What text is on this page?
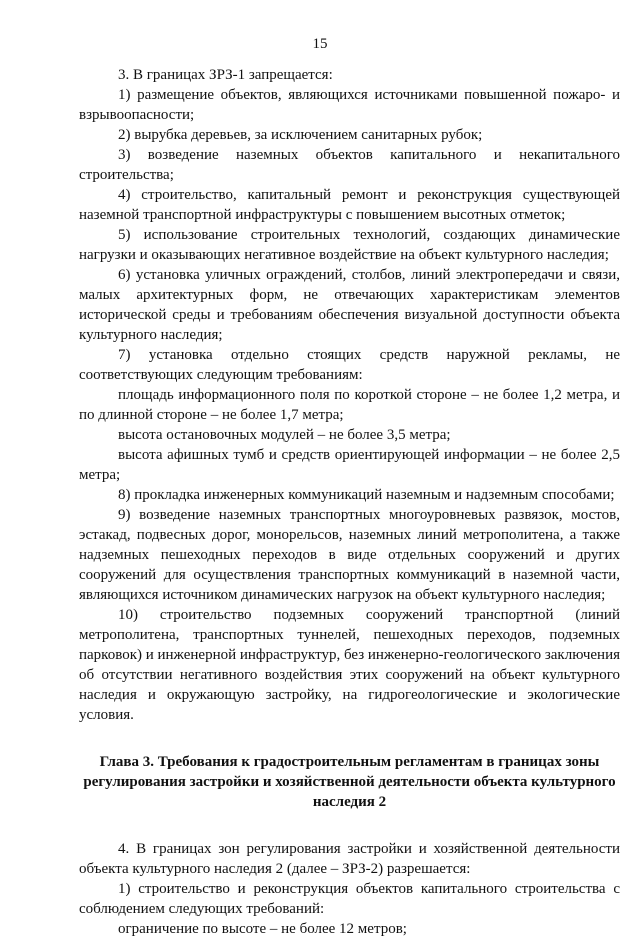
15

3. В границах ЗРЗ-1 запрещается:

1) размещение объектов, являющихся источниками повышенной пожаро- и взрывоопасности;

2) вырубка деревьев, за исключением санитарных рубок;

3) возведение наземных объектов капитального и некапитального строительства;

4) строительство, капитальный ремонт и реконструкция существующей наземной транспортной инфраструктуры с повышением высотных отметок;

5) использование строительных технологий, создающих динамические нагрузки и оказывающих негативное воздействие на объект культурного наследия;

6) установка уличных ограждений, столбов, линий электропередачи и связи, малых архитектурных форм, не отвечающих характеристикам элементов исторической среды и требованиям обеспечения визуальной доступности объекта культурного наследия;

7) установка отдельно стоящих средств наружной рекламы, не соответствующих следующим требованиям:

площадь информационного поля по короткой стороне – не более 1,2 метра, и по длинной стороне – не более 1,7 метра;

высота остановочных модулей – не более 3,5 метра;

высота афишных тумб и средств ориентирующей информации – не более 2,5 метра;

8) прокладка инженерных коммуникаций наземным и надземным способами;

9) возведение наземных транспортных многоуровневых развязок, мостов, эстакад, подвесных дорог, монорельсов, наземных линий метрополитена, а также надземных пешеходных переходов в виде отдельных сооружений и других сооружений для осуществления транспортных коммуникаций в наземной части, являющихся источником динамических нагрузок на объект культурного наследия;

10) строительство подземных сооружений транспортной (линий метрополитена, транспортных туннелей, пешеходных переходов, подземных парковок) и инженерной инфраструктур, без инженерно-геологического заключения об отсутствии негативного воздействия этих сооружений на объект культурного наследия и окружающую застройку, на гидрогеологические и экологические условия.

Глава 3. Требования к градостроительным регламентам в границах зоны регулирования застройки и хозяйственной деятельности объекта культурного наследия 2

4. В границах зон регулирования застройки и хозяйственной деятельности объекта культурного наследия 2 (далее – ЗРЗ-2) разрешается:

1) строительство и реконструкция объектов капитального строительства с соблюдением следующих требований:

ограничение по высоте – не более 12 метров;
